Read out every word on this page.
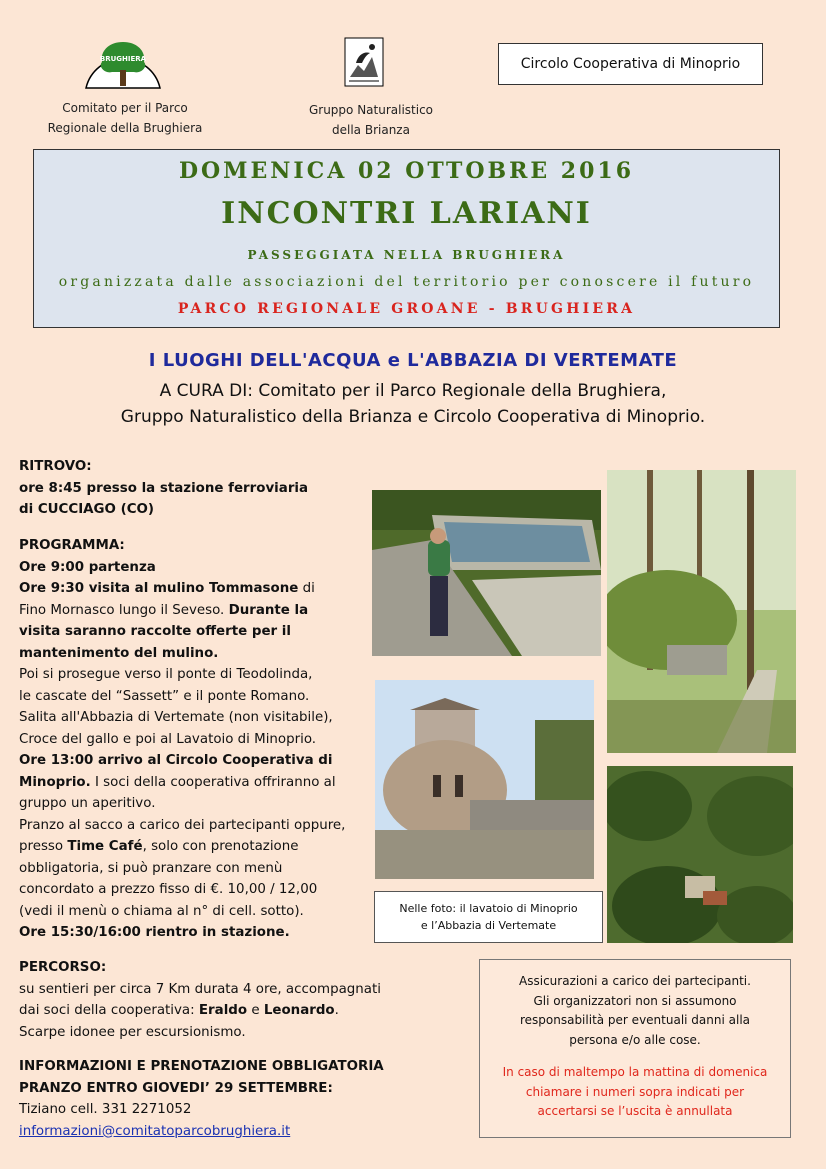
BRUGHIERA
Comitato per il Parco
Regionale della Brughiera
Gruppo Naturalistico
della Brianza
Circolo Cooperativa di Minoprio
DOMENICA 02 OTTOBRE 2016
INCONTRI LARIANI
PASSEGGIATA NELLA BRUGHIERA
organizzata dalle associazioni del territorio per conoscere il futuro
PARCO REGIONALE GROANE - BRUGHIERA
I LUOGHI DELL'ACQUA e L'ABBAZIA DI VERTEMATE
A CURA DI: Comitato per il Parco Regionale della Brughiera,
Gruppo Naturalistico della Brianza e Circolo Cooperativa di Minoprio.
RITROVO:
ore 8:45 presso la stazione ferroviaria
di CUCCIAGO (CO)
PROGRAMMA:
Ore 9:00 partenza
Ore 9:30 visita al mulino Tommasone di
Fino Mornasco lungo il Seveso. Durante la
visita saranno raccolte offerte per il
mantenimento del mulino.
Poi si prosegue verso il ponte di Teodolinda,
le cascate del “Sassett” e il ponte Romano.
Salita all'Abbazia di Vertemate (non visitabile),
Croce del gallo e poi al Lavatoio di Minoprio.
Ore 13:00 arrivo al Circolo Cooperativa di
Minoprio. I soci della cooperativa offriranno al
gruppo un aperitivo.
Pranzo al sacco a carico dei partecipanti oppure,
presso Time Café, solo con prenotazione
obbligatoria, si può pranzare con menù
concordato a prezzo fisso di €. 10,00 / 12,00
(vedi il menù o chiama al n° di cell. sotto).
Ore 15:30/16:00 rientro in stazione.
PERCORSO:
su sentieri per circa 7 Km durata 4 ore, accompagnati
dai soci della cooperativa: Eraldo e Leonardo.
Scarpe idonee per escursionismo.
INFORMAZIONI E PRENOTAZIONE OBBLIGATORIA
PRANZO ENTRO GIOVEDI’ 29 SETTEMBRE:
Tiziano cell. 331 2271052
informazioni@comitatoparcobrughiera.it
Nelle foto: il lavatoio di Minoprio
e l’Abbazia di Vertemate
Assicurazioni a carico dei partecipanti.
Gli organizzatori non si assumono
responsabilità per eventuali danni alla
persona e/o alle cose.
In caso di maltempo la mattina di domenica
chiamare i numeri sopra indicati per
accertarsi se l’uscita è annullata
